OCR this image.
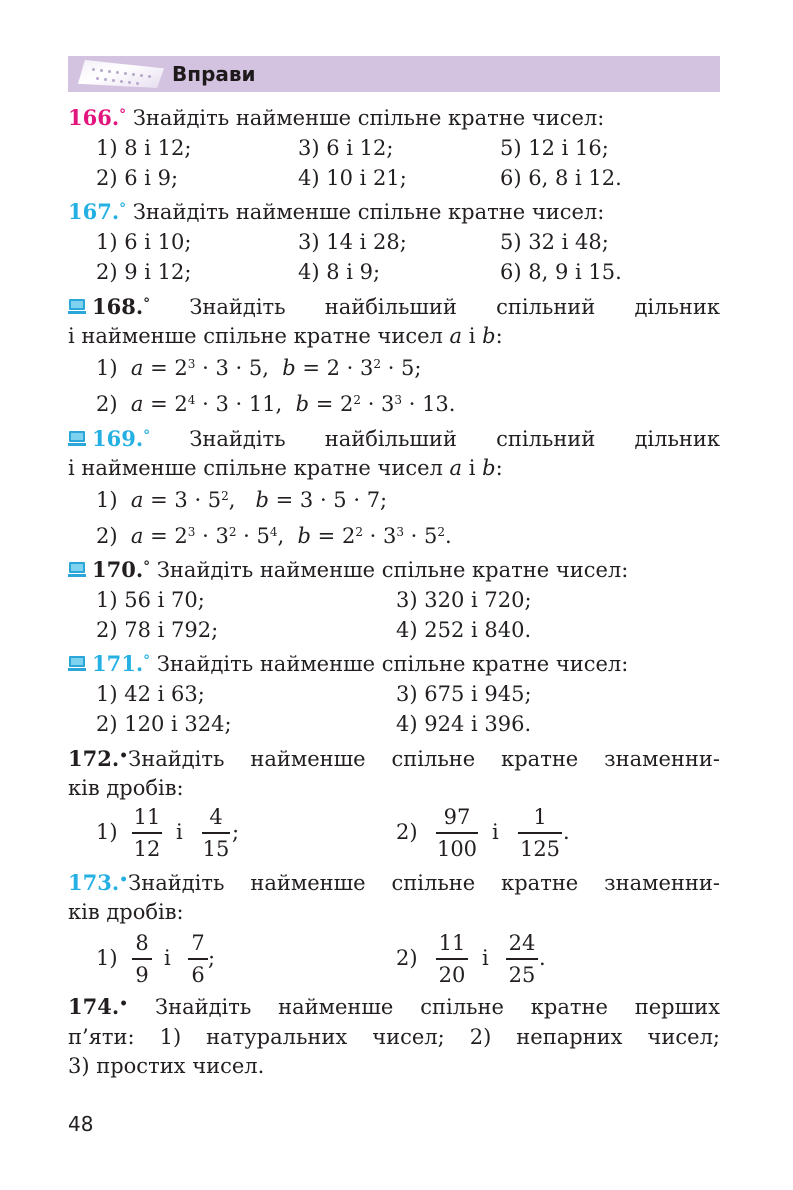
Вправи
166.° Знайдіть найменше спільне кратне чисел:
1) 8 і 12;	3) 6 і 12;	5) 12 і 16;
2) 6 і 9;	4) 10 і 21;	6) 6, 8 і 12.
167.° Знайдіть найменше спільне кратне чисел:
1) 6 і 10;	3) 14 і 28;	5) 32 і 48;
2) 9 і 12;	4) 8 і 9;	6) 8, 9 і 15.
168.° Знайдіть найбільший спільний дільник
і найменше спільне кратне чисел a і b:
1) $a = 2^3 \cdot 3 \cdot 5$, $b = 2 \cdot 3^2 \cdot 5$;
2) $a = 2^4 \cdot 3 \cdot 11$, $b = 2^2 \cdot 3^3 \cdot 13$.
169.° Знайдіть найбільший спільний дільник
і найменше спільне кратне чисел a і b:
1) $a = 3 \cdot 5^2$, b = 3 · 5 · 7;
2) $a = 2^3 \cdot 3^2 \cdot 5^4$, $b = 2^2 \cdot 3^3 \cdot 5^2$.
170.° Знайдіть найменше спільне кратне чисел:
1) 56 і 70;	3) 320 і 720;
2) 78 і 792;	4) 252 і 840.
171.° Знайдіть найменше спільне кратне чисел:
1) 42 і 63;	3) 675 і 945;
2) 120 і 324;	4) 924 і 396.
172.•Знайдіть найменше спільне кратне знаменни-
ків дробів:
1)
11
12
і
4
15
;	2)
97
100
і
1
125
.
173.•Знайдіть найменше спільне кратне знаменни-
ків дробів:
1)
8
9
і
7
6
;	2)
11
20
і
24
25
.
174.• Знайдіть найменше спільне кратне перших
п’яти: 1) натуральних чисел; 2) непарних чисел;
3) простих чисел.
48
